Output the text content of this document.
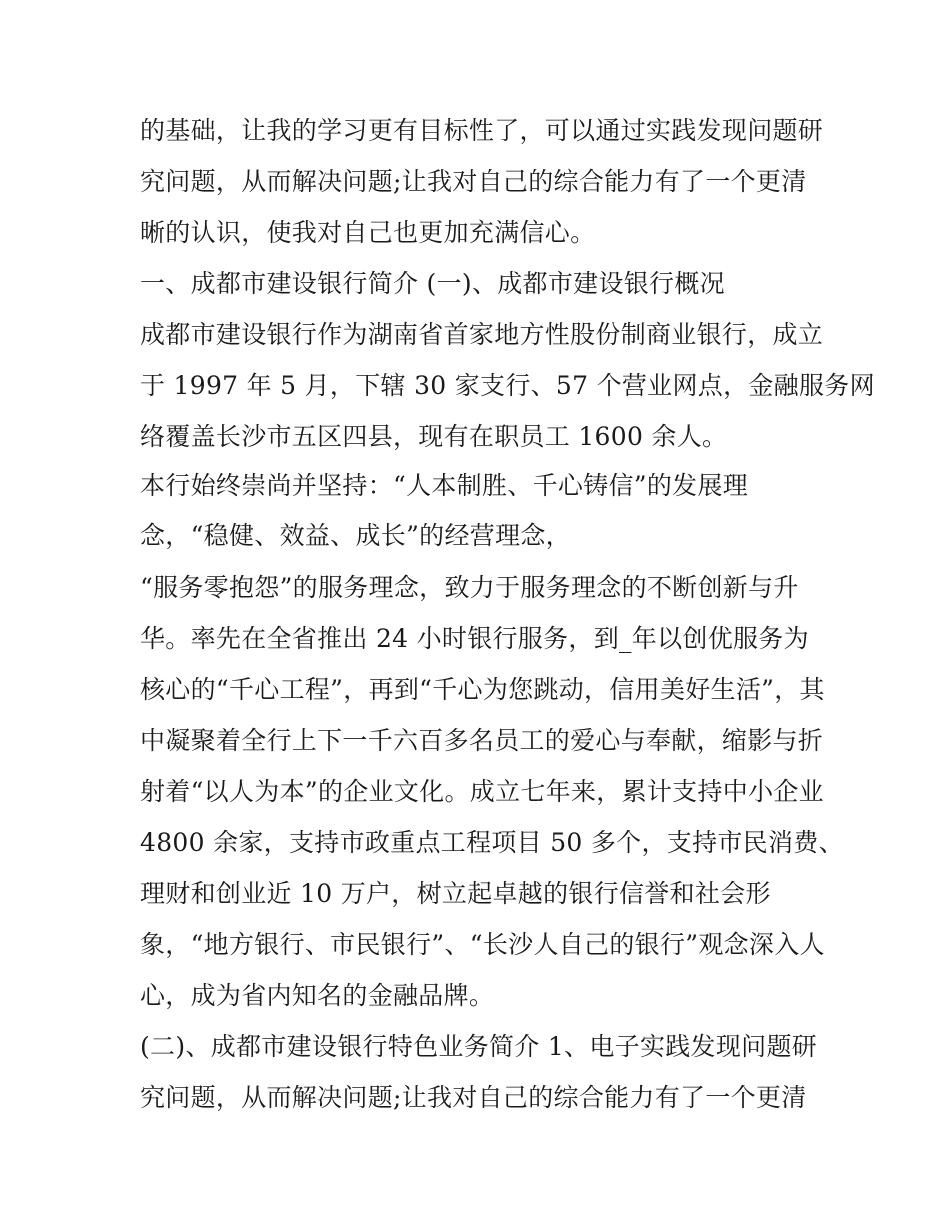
的基础，让我的学习更有目标性了，可以通过实践发现问题研
究问题，从而解决问题;让我对自己的综合能力有了一个更清
晰的认识，使我对自己也更加充满信心。
一、成都市建设银行简介 (一)、成都市建设银行概况
成都市建设银行作为湖南省首家地方性股份制商业银行，成立
于 1997 年 5 月，下辖 30 家支行、57 个营业网点，金融服务网
络覆盖长沙市五区四县，现有在职员工 1600 余人。
本行始终崇尚并坚持：“人本制胜、千心铸信”的发展理
念，“稳健、效益、成长”的经营理念，
“服务零抱怨”的服务理念，致力于服务理念的不断创新与升
华。率先在全省推出 24 小时银行服务，到_年以创优服务为
核心的“千心工程”，再到“千心为您跳动，信用美好生活”，其
中凝聚着全行上下一千六百多名员工的爱心与奉献，缩影与折
射着“以人为本”的企业文化。成立七年来，累计支持中小企业
4800 余家，支持市政重点工程项目 50 多个，支持市民消费、
理财和创业近 10 万户，树立起卓越的银行信誉和社会形
象，“地方银行、市民银行”、“长沙人自己的银行”观念深入人
心，成为省内知名的金融品牌。
(二)、成都市建设银行特色业务简介 1、电子实践发现问题研
究问题，从而解决问题;让我对自己的综合能力有了一个更清
